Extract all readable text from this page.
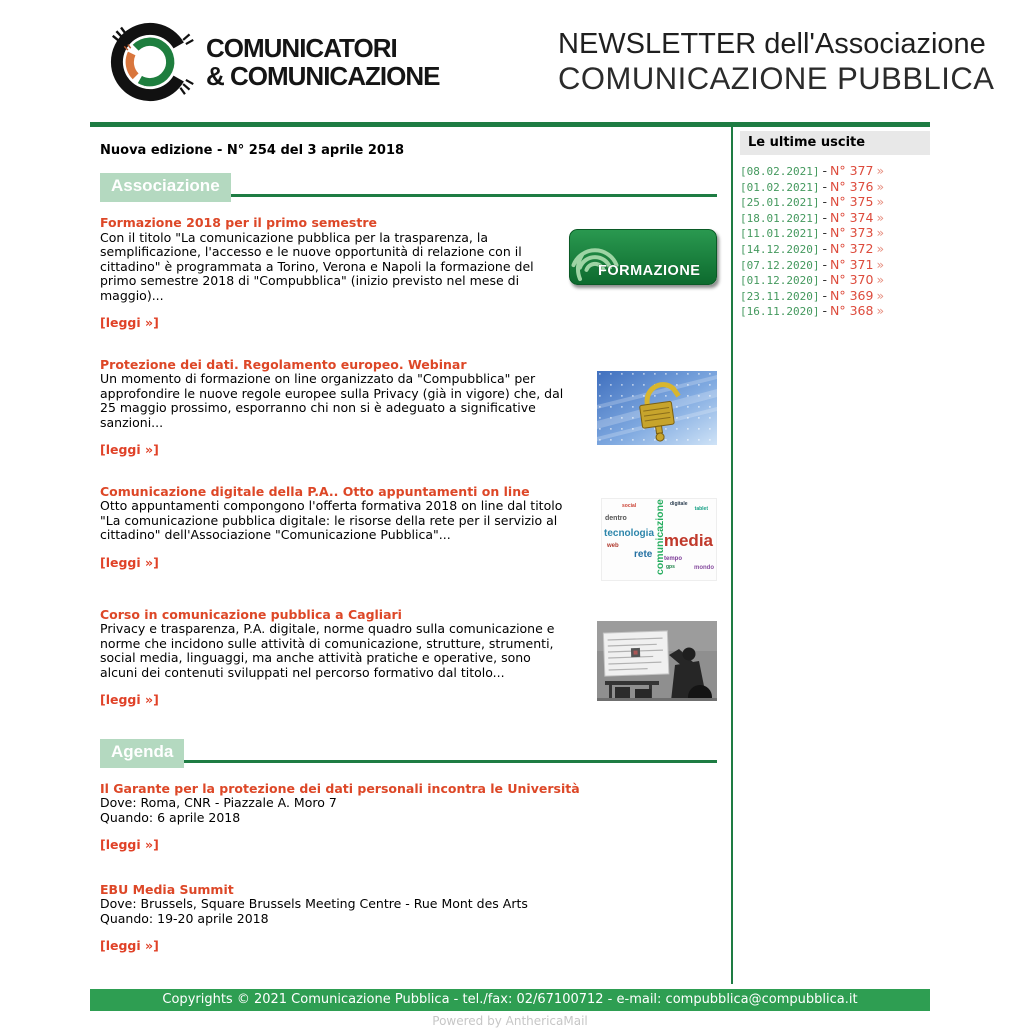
COMUNICATORI
& COMUNICAZIONE
NEWSLETTER dell'Associazione
COMUNICAZIONE PUBBLICA
Nuova edizione - N° 254 del 3 aprile 2018
Associazione
Formazione 2018 per il primo semestre
Con il titolo "La comunicazione pubblica per la trasparenza, la semplificazione, l'accesso e le nuove opportunità di relazione con il cittadino" è programmata a Torino, Verona e Napoli la formazione del primo semestre 2018 di "Compubblica" (inizio previsto nel mese di maggio)...
[leggi »]
FORMAZIONE
Protezione dei dati. Regolamento europeo. Webinar
Un momento di formazione on line organizzato da "Compubblica" per approfondire le nuove regole europee sulla Privacy (già in vigore) che, dal 25 maggio prossimo, esporranno chi non si è adeguato a significative sanzioni...
[leggi »]
Comunicazione digitale della P.A.. Otto appuntamenti on line
Otto appuntamenti compongono l'offerta formativa 2018 on line dal titolo "La comunicazione pubblica digitale: le risorse della rete per il servizio al cittadino" dell'Associazione "Comunicazione Pubblica"...
[leggi »]
media
comunicazione
tecnologia
rete
dentro
tempo
web
gps	mondo
social	tablet
digitale
Corso in comunicazione pubblica a Cagliari
Privacy e trasparenza, P.A. digitale, norme quadro sulla comunicazione e norme che incidono sulle attività di comunicazione, strutture, strumenti, social media, linguaggi, ma anche attività pratiche e operative, sono alcuni dei contenuti sviluppati nel percorso formativo dal titolo...
[leggi »]
Agenda
Il Garante per la protezione dei dati personali incontra le Università
Dove: Roma, CNR - Piazzale A. Moro 7
Quando: 6 aprile 2018
[leggi »]
EBU Media Summit
Dove: Brussels, Square Brussels Meeting Centre - Rue Mont des Arts
Quando: 19-20 aprile 2018
[leggi »]
Le ultime uscite
[08.02.2021] - N° 377 »
[01.02.2021] - N° 376 »
[25.01.2021] - N° 375 »
[18.01.2021] - N° 374 »
[11.01.2021] - N° 373 »
[14.12.2020] - N° 372 »
[07.12.2020] - N° 371 »
[01.12.2020] - N° 370 »
[23.11.2020] - N° 369 »
[16.11.2020] - N° 368 »
Copyrights © 2021 Comunicazione Pubblica - tel./fax: 02/67100712 - e-mail: compubblica@compubblica.it
Powered by AnthericaMail
